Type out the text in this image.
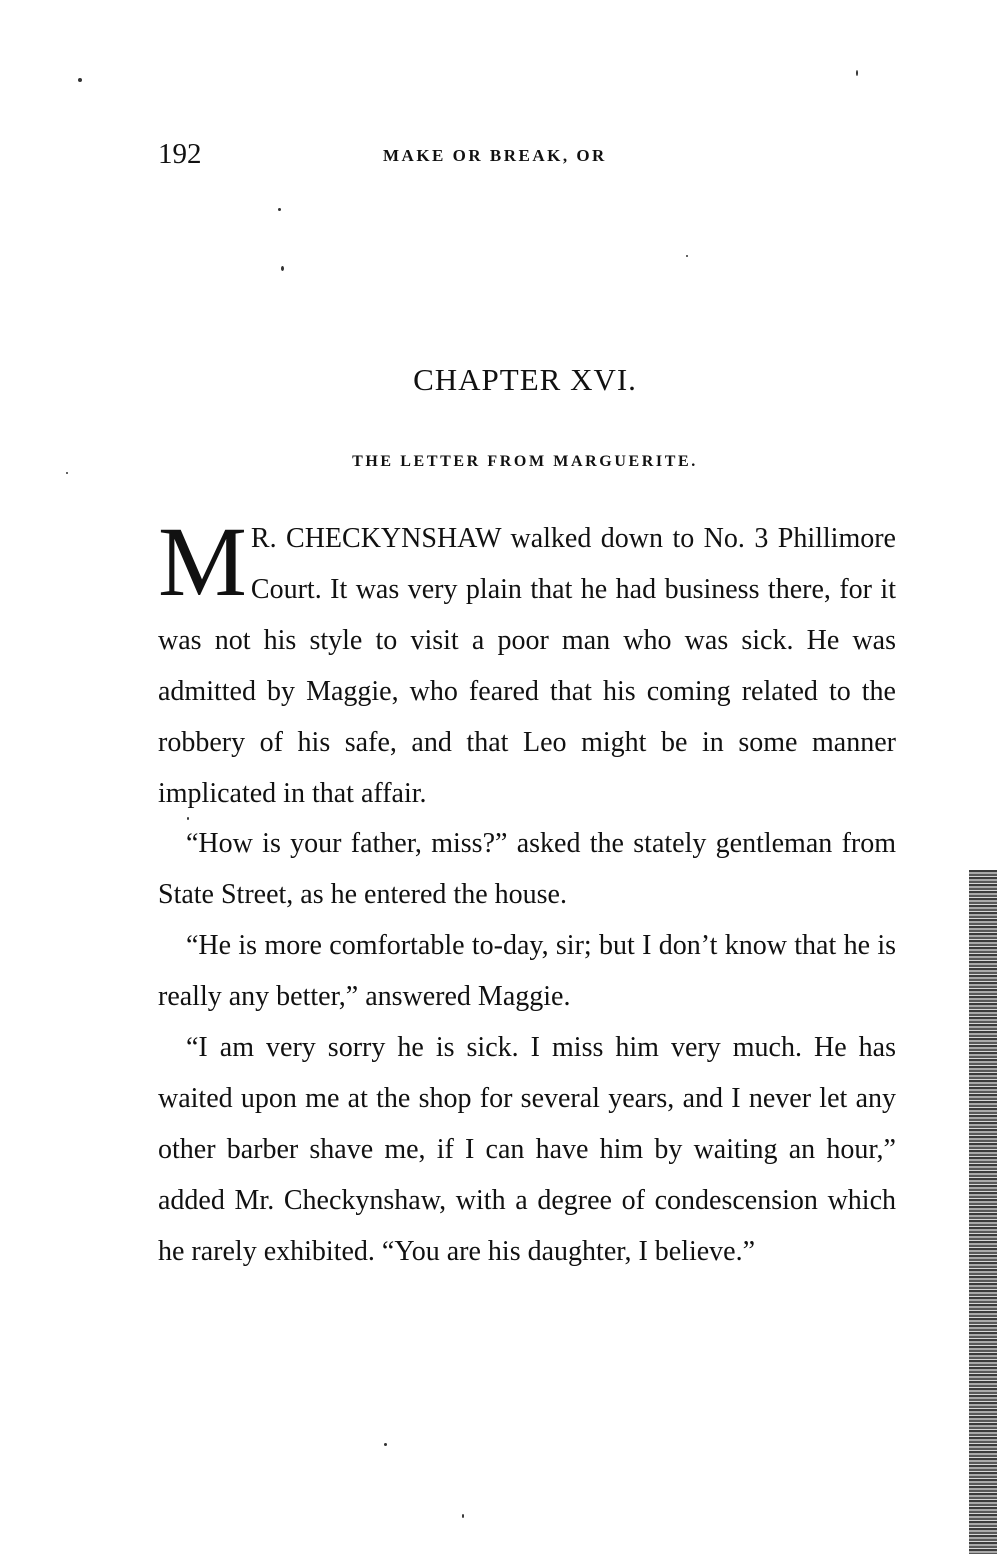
192	MAKE OR BREAK, OR
CHAPTER XVI.
THE LETTER FROM MARGUERITE.

M R. CHECKYNSHAW walked down to No. 3 Phillimore Court. It was very plain that he had business there, for it was not his style to visit a poor man who was sick. He was admitted by Maggie, who feared that his coming related to the robbery of his safe, and that Leo might be in some manner implicated in that affair.

“How is your father, miss?” asked the stately gentleman from State Street, as he entered the house.

“He is more comfortable to-day, sir; but I don’t know that he is really any better,” answered Maggie.

“I am very sorry he is sick. I miss him very much. He has waited upon me at the shop for several years, and I never let any other barber shave me, if I can have him by waiting an hour,” added Mr. Checkynshaw, with a degree of condescension which he rarely exhibited. “You are his daughter, I believe.”
